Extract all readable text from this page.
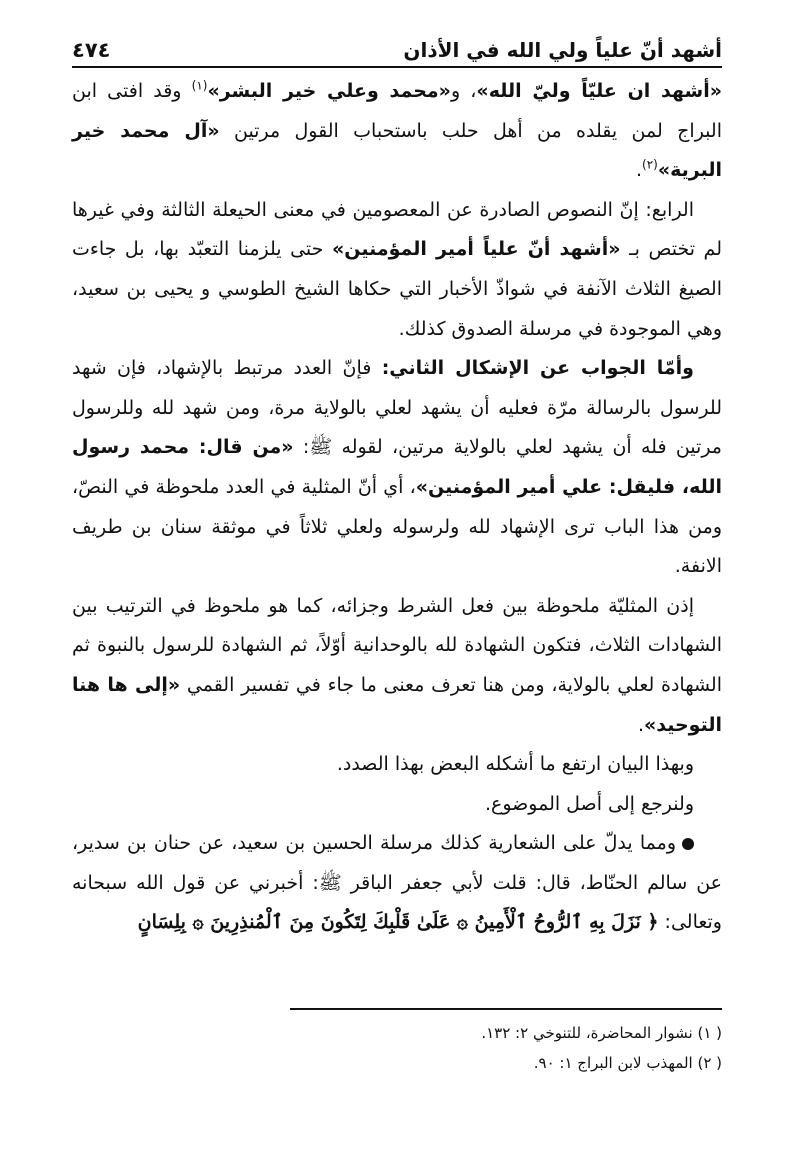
أشهد أنّ علياً ولي الله في الأذان
٤٧٤

«أشهد ان عليّاً وليّ الله»، و«محمد وعلي خير البشر»$^{(١)}$ وقد افتى ابن البراج لمن يقلده من أهل حلب باستحباب القول مرتين «آل محمد خير البرية»$^{(٢)}$.

الرابع: إنّ النصوص الصادرة عن المعصومين في معنى الحيعلة الثالثة وفي غيرها لم تختص بـ «أشهد أنّ علياً أمير المؤمنين» حتى يلزمنا التعبّد بها، بل جاءت الصيغ الثلاث الآنفة في شواذّ الأخبار التي حكاها الشيخ الطوسي و يحيى بن سعيد، وهي الموجودة في مرسلة الصدوق كذلك.

وأمّا الجواب عن الإشكال الثاني: فإنّ العدد مرتبط بالإشهاد، فإن شهد للرسول بالرسالة مرّة فعليه أن يشهد لعلي بالولاية مرة، ومن شهد لله وللرسول مرتين فله أن يشهد لعلي بالولاية مرتين، لقوله ﷺ: «من قال: محمد رسول الله، فليقل: علي أمير المؤمنين»، أي أنّ المثلية في العدد ملحوظة في النصّ، ومن هذا الباب ترى الإشهاد لله ولرسوله ولعلي ثلاثاً في موثقة سنان بن طريف الانفة.

إذن المثليّة ملحوظة بين فعل الشرط وجزائه، كما هو ملحوظ في الترتيب بين الشهادات الثلاث، فتكون الشهادة لله بالوحدانية أوّلاً، ثم الشهادة للرسول بالنبوة ثم الشهادة لعلي بالولاية، ومن هنا تعرف معنى ما جاء في تفسير القمي «إلى ها هنا التوحيد».

وبهذا البيان ارتفع ما أشكله البعض بهذا الصدد.

ولنرجع إلى أصل الموضوع.

ومما يدلّ على الشعارية كذلك مرسلة الحسين بن سعيد، عن حنان بن سدير، عن سالم الحنّاط، قال: قلت لأبي جعفر الباقر ﷺ: أخبرني عن قول الله سبحانه وتعالى: ﴿ نَزَلَ بِهِ ٱلرُّوحُ ٱلْأَمِينُ ۞ عَلَىٰ قَلْبِكَ لِتَكُونَ مِنَ ٱلْمُنذِرِينَ ۞ بِلِسَانٍ

( ١) نشوار المحاضرة، للتنوخي ٢: ١٣٢.

( ٢) المهذب لابن البراج ١: ٩٠.
